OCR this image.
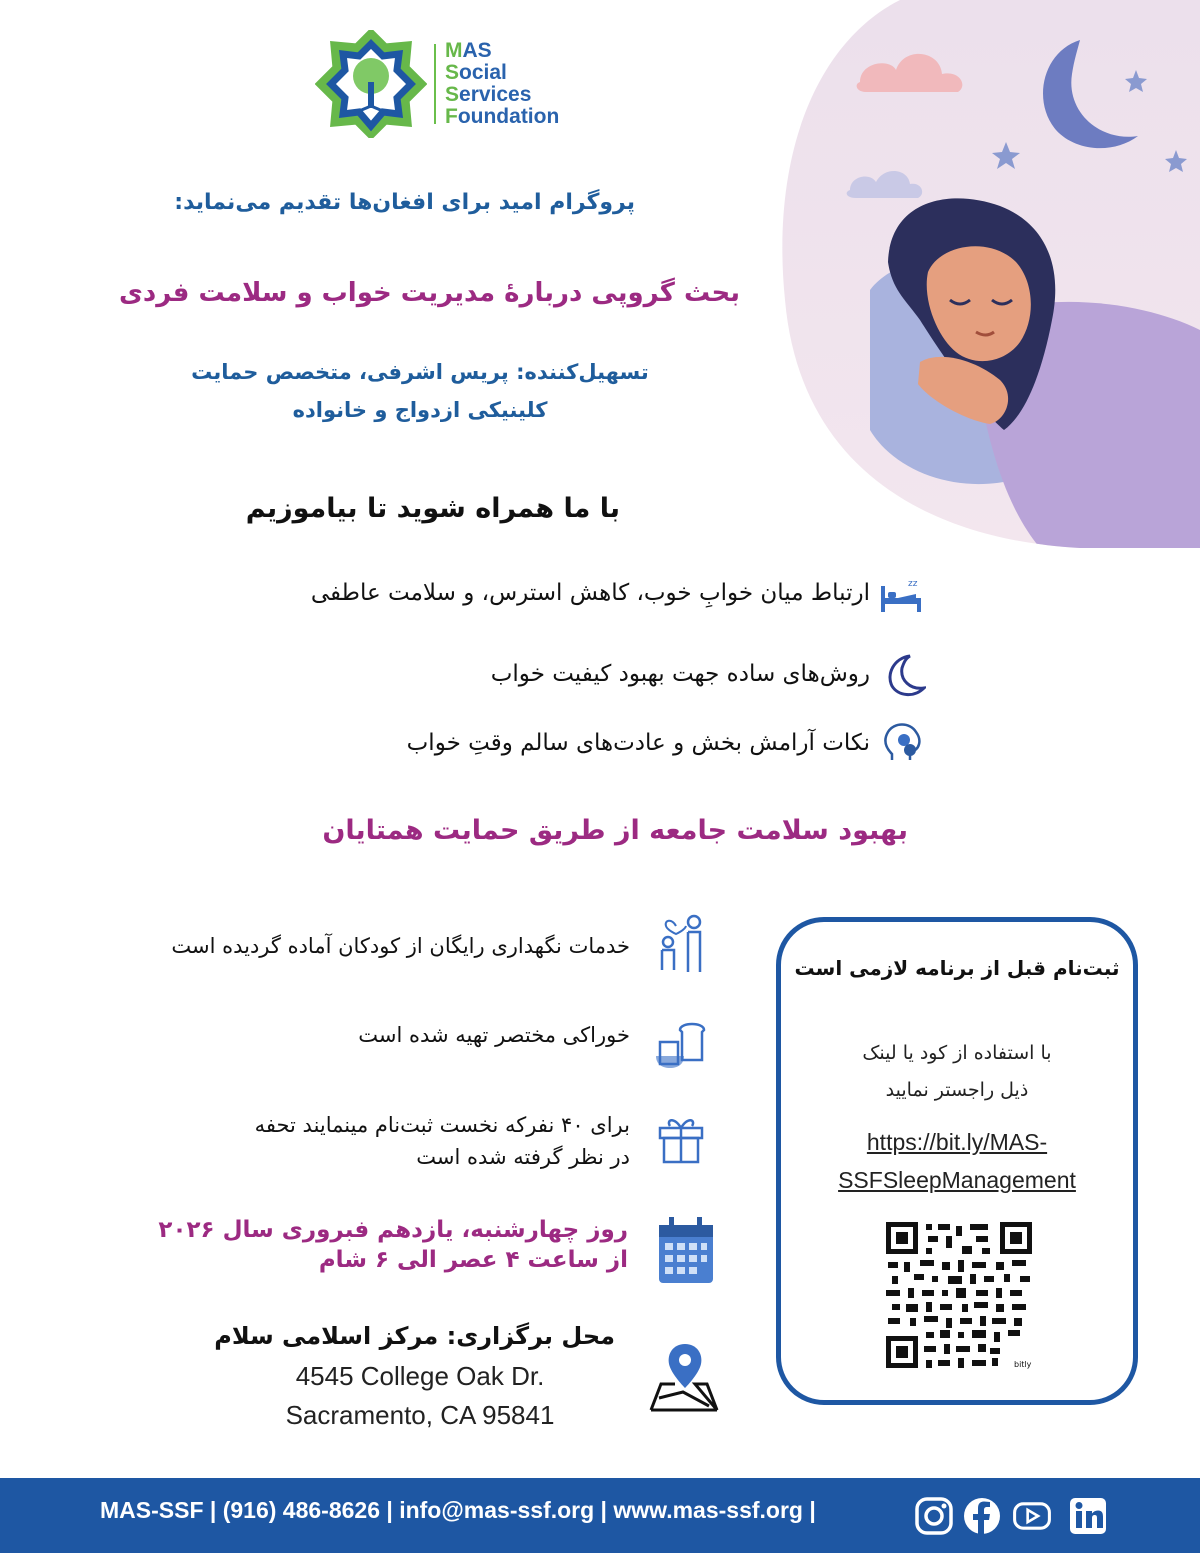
MAS
Social
Services
Foundation
پروگرام امید برای افغان‌ها تقدیم می‌نماید:
بحث گروپی دربارهٔ مدیریت خواب و سلامت فردی
تسهیل‌کننده: پریس اشرفی، متخصص حمایت
کلینیکی ازدواج و خانواده
با ما همراه شوید تا بیاموزیم
zz
ارتباط میان خوابِ خوب، کاهش استرس، و سلامت عاطفی
روش‌های ساده جهت بهبود کیفیت خواب
نکات آرامش بخش و عادت‌های سالم وقتِ خواب
بهبود سلامت جامعه از طریق حمایت همتایان
خدمات نگهداری رایگان از کودکان آماده گردیده است
خوراکی مختصر تهیه شده است
برای ۴۰ نفرکه نخست ثبت‌نام مینمایند تحفه
در نظر گرفته شده است
روز چهارشنبه، یازدهم فبروری سال ۲۰۲۶
از ساعت ۴ عصر الی ۶ شام
محل برگزاری: مرکز اسلامی سلام
4545 College Oak Dr.
Sacramento, CA 95841
ثبت‌نام قبل از برنامه لازمی است
با استفاده از کود یا لینک
ذیل راجستر نمایید
https://bit.ly/MAS-
SSFSleepManagement
bitly
MAS-SSF | (916) 486-8626 | info@mas-ssf.org | www.mas-ssf.org |
